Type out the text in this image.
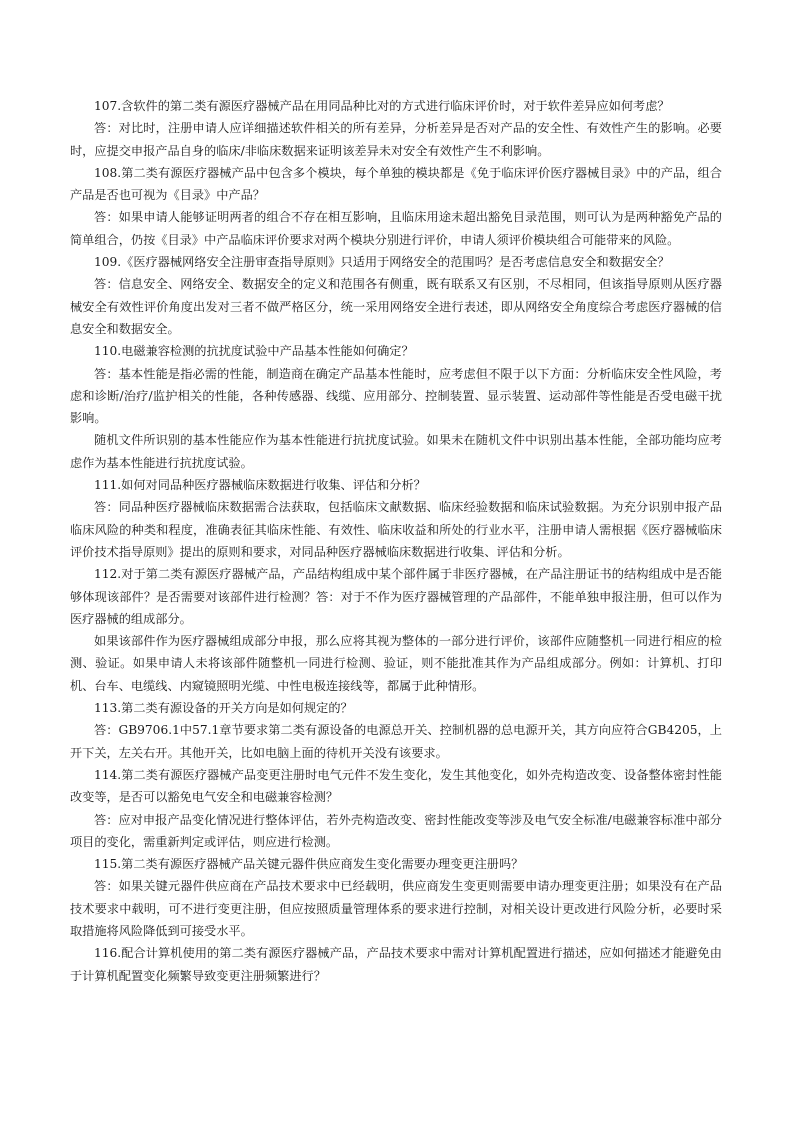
107.含软件的第二类有源医疗器械产品在用同品种比对的方式进行临床评价时，对于软件差异应如何考虑？

答：对比时，注册申请人应详细描述软件相关的所有差异，分析差异是否对产品的安全性、有效性产生的影响。必要时，应提交申报产品自身的临床/非临床数据来证明该差异未对安全有效性产生不利影响。

108.第二类有源医疗器械产品中包含多个模块，每个单独的模块都是《免于临床评价医疗器械目录》中的产品，组合产品是否也可视为《目录》中产品？

答：如果申请人能够证明两者的组合不存在相互影响，且临床用途未超出豁免目录范围，则可认为是两种豁免产品的简单组合，仍按《目录》中产品临床评价要求对两个模块分别进行评价，申请人须评价模块组合可能带来的风险。

109.《医疗器械网络安全注册审查指导原则》只适用于网络安全的范围吗？是否考虑信息安全和数据安全？

答：信息安全、网络安全、数据安全的定义和范围各有侧重，既有联系又有区别，不尽相同，但该指导原则从医疗器械安全有效性评价角度出发对三者不做严格区分，统一采用网络安全进行表述，即从网络安全角度综合考虑医疗器械的信息安全和数据安全。

110.电磁兼容检测的抗扰度试验中产品基本性能如何确定？

答：基本性能是指必需的性能，制造商在确定产品基本性能时，应考虑但不限于以下方面：分析临床安全性风险，考虑和诊断/治疗/监护相关的性能，各种传感器、线缆、应用部分、控制装置、显示装置、运动部件等性能是否受电磁干扰影响。

随机文件所识别的基本性能应作为基本性能进行抗扰度试验。如果未在随机文件中识别出基本性能，全部功能均应考虑作为基本性能进行抗扰度试验。

111.如何对同品种医疗器械临床数据进行收集、评估和分析？

答：同品种医疗器械临床数据需合法获取，包括临床文献数据、临床经验数据和临床试验数据。为充分识别申报产品临床风险的种类和程度，准确表征其临床性能、有效性、临床收益和所处的行业水平，注册申请人需根据《医疗器械临床评价技术指导原则》提出的原则和要求，对同品种医疗器械临床数据进行收集、评估和分析。

112.对于第二类有源医疗器械产品，产品结构组成中某个部件属于非医疗器械，在产品注册证书的结构组成中是否能够体现该部件？是否需要对该部件进行检测？答：对于不作为医疗器械管理的产品部件，不能单独申报注册，但可以作为医疗器械的组成部分。

如果该部件作为医疗器械组成部分申报，那么应将其视为整体的一部分进行评价，该部件应随整机一同进行相应的检测、验证。如果申请人未将该部件随整机一同进行检测、验证，则不能批准其作为产品组成部分。例如：计算机、打印机、台车、电缆线、内窥镜照明光缆、中性电极连接线等，都属于此种情形。

113.第二类有源设备的开关方向是如何规定的？

答：GB9706.1中57.1章节要求第二类有源设备的电源总开关、控制机器的总电源开关，其方向应符合GB4205，上开下关，左关右开。其他开关，比如电脑上面的待机开关没有该要求。

114.第二类有源医疗器械产品变更注册时电气元件不发生变化，发生其他变化，如外壳构造改变、设备整体密封性能改变等，是否可以豁免电气安全和电磁兼容检测？

答：应对申报产品变化情况进行整体评估，若外壳构造改变、密封性能改变等涉及电气安全标准/电磁兼容标准中部分项目的变化，需重新判定或评估，则应进行检测。

115.第二类有源医疗器械产品关键元器件供应商发生变化需要办理变更注册吗？

答：如果关键元器件供应商在产品技术要求中已经载明，供应商发生变更则需要申请办理变更注册；如果没有在产品技术要求中载明，可不进行变更注册，但应按照质量管理体系的要求进行控制，对相关设计更改进行风险分析，必要时采取措施将风险降低到可接受水平。

116.配合计算机使用的第二类有源医疗器械产品，产品技术要求中需对计算机配置进行描述，应如何描述才能避免由于计算机配置变化频繁导致变更注册频繁进行？
